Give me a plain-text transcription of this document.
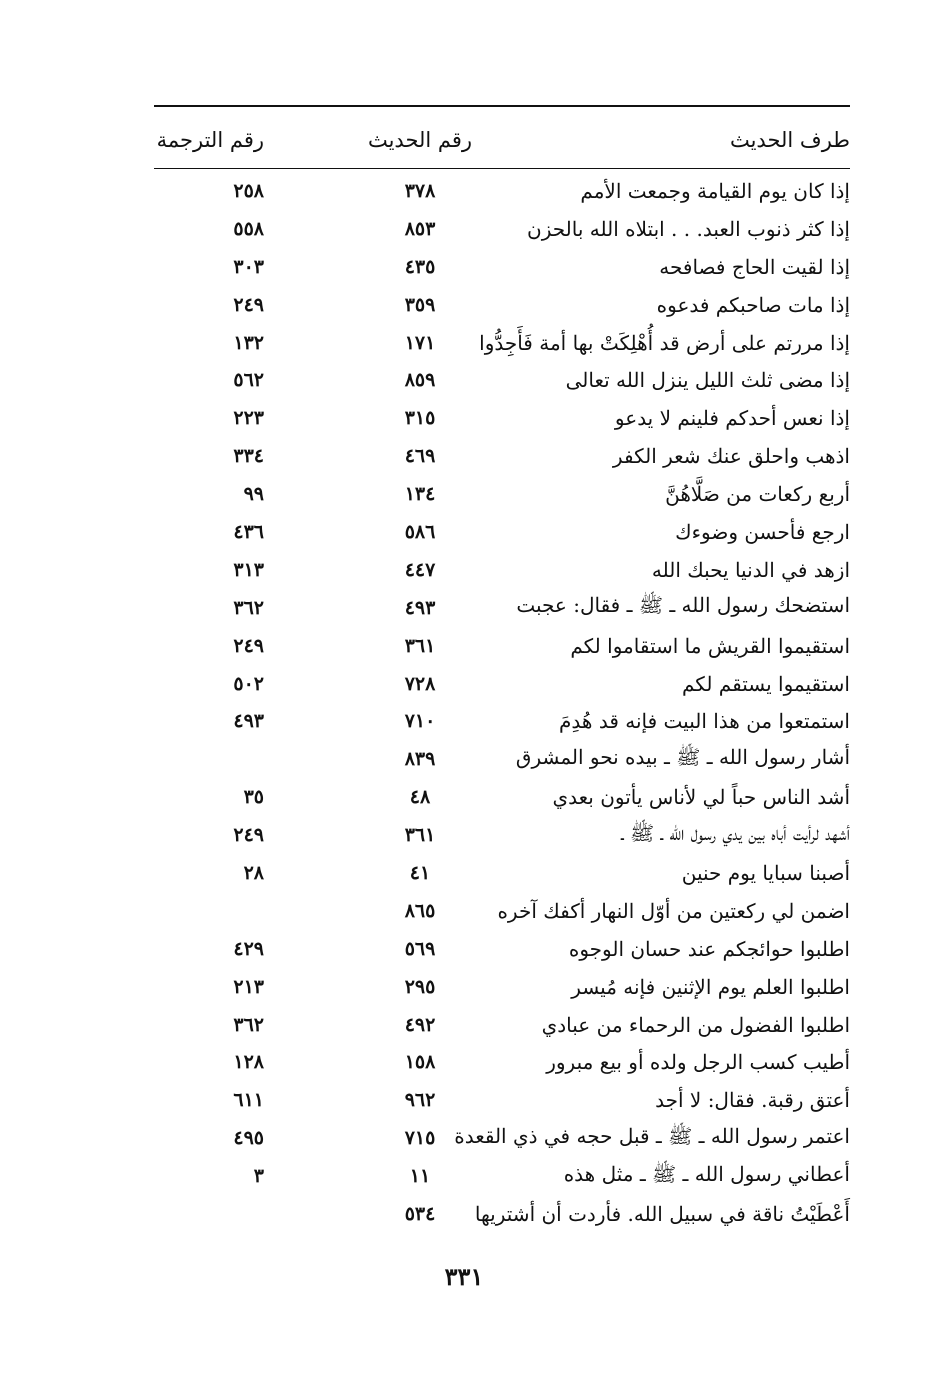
طرف الحديث
رقم الحديث
رقم الترجمة
إذا كان يوم القيامة وجمعت الأمم
٣٧٨
٢٥٨
إذا كثر ذنوب العبد. . . ابتلاه الله بالحزن
٨٥٣
٥٥٨
إذا لقيت الحاج فصافحه
٤٣٥
٣٠٣
إذا مات صاحبكم فدعوه
٣٥٩
٢٤٩
إذا مررتم على أرض قد أُهْلِكَتْ بها أمة فَأَجِدُّوا
١٧١
١٣٢
إذا مضى ثلث الليل ينزل الله تعالى
٨٥٩
٥٦٢
إذا نعس أحدكم فلينم لا يدعو
٣١٥
٢٢٣
اذهب واحلق عنك شعر الكفر
٤٦٩
٣٣٤
أربع ركعات من صَلَّاهُنَّ
١٣٤
٩٩
ارجع فأحسن وضوءك
٥٨٦
٤٣٦
ازهد في الدنيا يحبك الله
٤٤٧
٣١٣
استضحك رسول الله ـ ﷺ ـ فقال: عجبت
٤٩٣
٣٦٢
استقيموا القريش ما استقاموا لكم
٣٦١
٢٤٩
استقيموا يستقم لكم
٧٢٨
٥٠٢
استمتعوا من هذا البيت فإنه قد هُدِمَ
٧١٠
٤٩٣
أشار رسول الله ـ ﷺ ـ بيده نحو المشرق
٨٣٩
أشد الناس حباً لي لأناس يأتون بعدي
٤٨
٣٥
أشهد لرأيت أباه بين يدي رسول الله ـ ﷺ ـ
٣٦١
٢٤٩
أصبنا سبايا يوم حنين
٤١
٢٨
اضمن لي ركعتين من أوّل النهار أكفك آخره
٨٦٥
اطلبوا حوائجكم عند حسان الوجوه
٥٦٩
٤٢٩
اطلبوا العلم يوم الإثنين فإنه مُيسر
٢٩٥
٢١٣
اطلبوا الفضول من الرحماء من عبادي
٤٩٢
٣٦٢
أطيب كسب الرجل ولده أو بيع مبرور
١٥٨
١٢٨
أعتق رقبة. فقال: لا أجد
٩٦٢
٦١١
اعتمر رسول الله ـ ﷺ ـ قبل حجه في ذي القعدة
٧١٥
٤٩٥
أعطاني رسول الله ـ ﷺ ـ مثل هذه
١١
٣
أَعْطَيْتُ ناقة في سبيل الله. فأردت أن أشتريها
٥٣٤
٣٣١
